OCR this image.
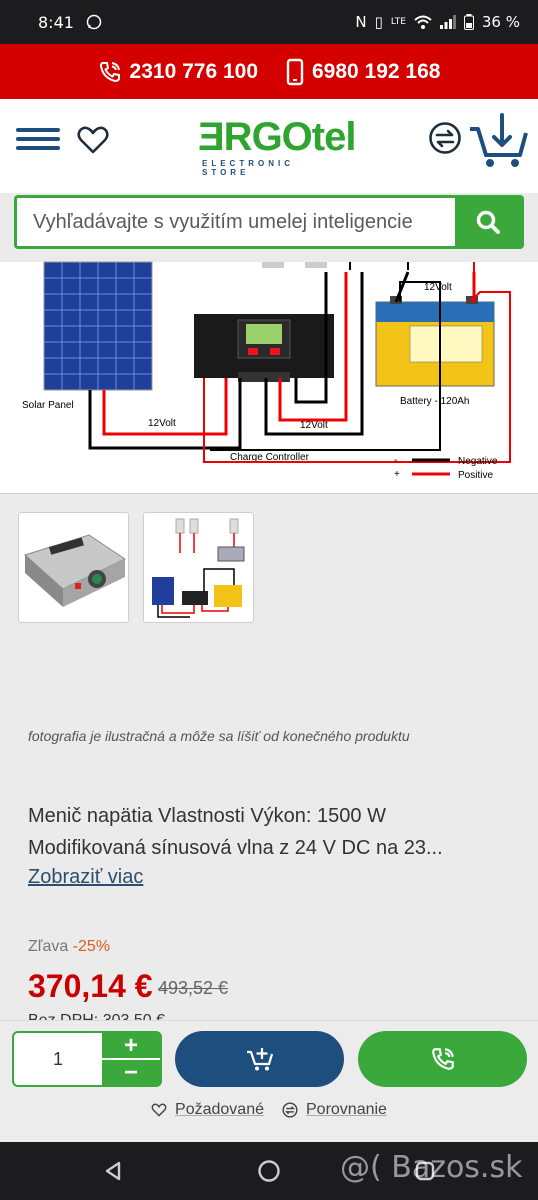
8:41	N ▯ LTE	36 %
2310 776 100	6980 192 168
ƎRGOtel
ELECTRONIC STORE
Vyhľadávajte s využitím umelej inteligencie
Solar Panel
Charge Controller
Battery - 120Ah
12Volt	12Volt
12Volt
-
+
Negative
Positive
fotografia je ilustračná a môže sa líšiť od konečného produktu
Menič napätia Vlastnosti Výkon: 1500 W Modifikovaná sínusová vlna z 24 V DC na 23...
Zobraziť viac
Zľava -25%
370,14 € 493,52 €
1	+
−
Požadované	Porovnanie
@( Bazos.sk
